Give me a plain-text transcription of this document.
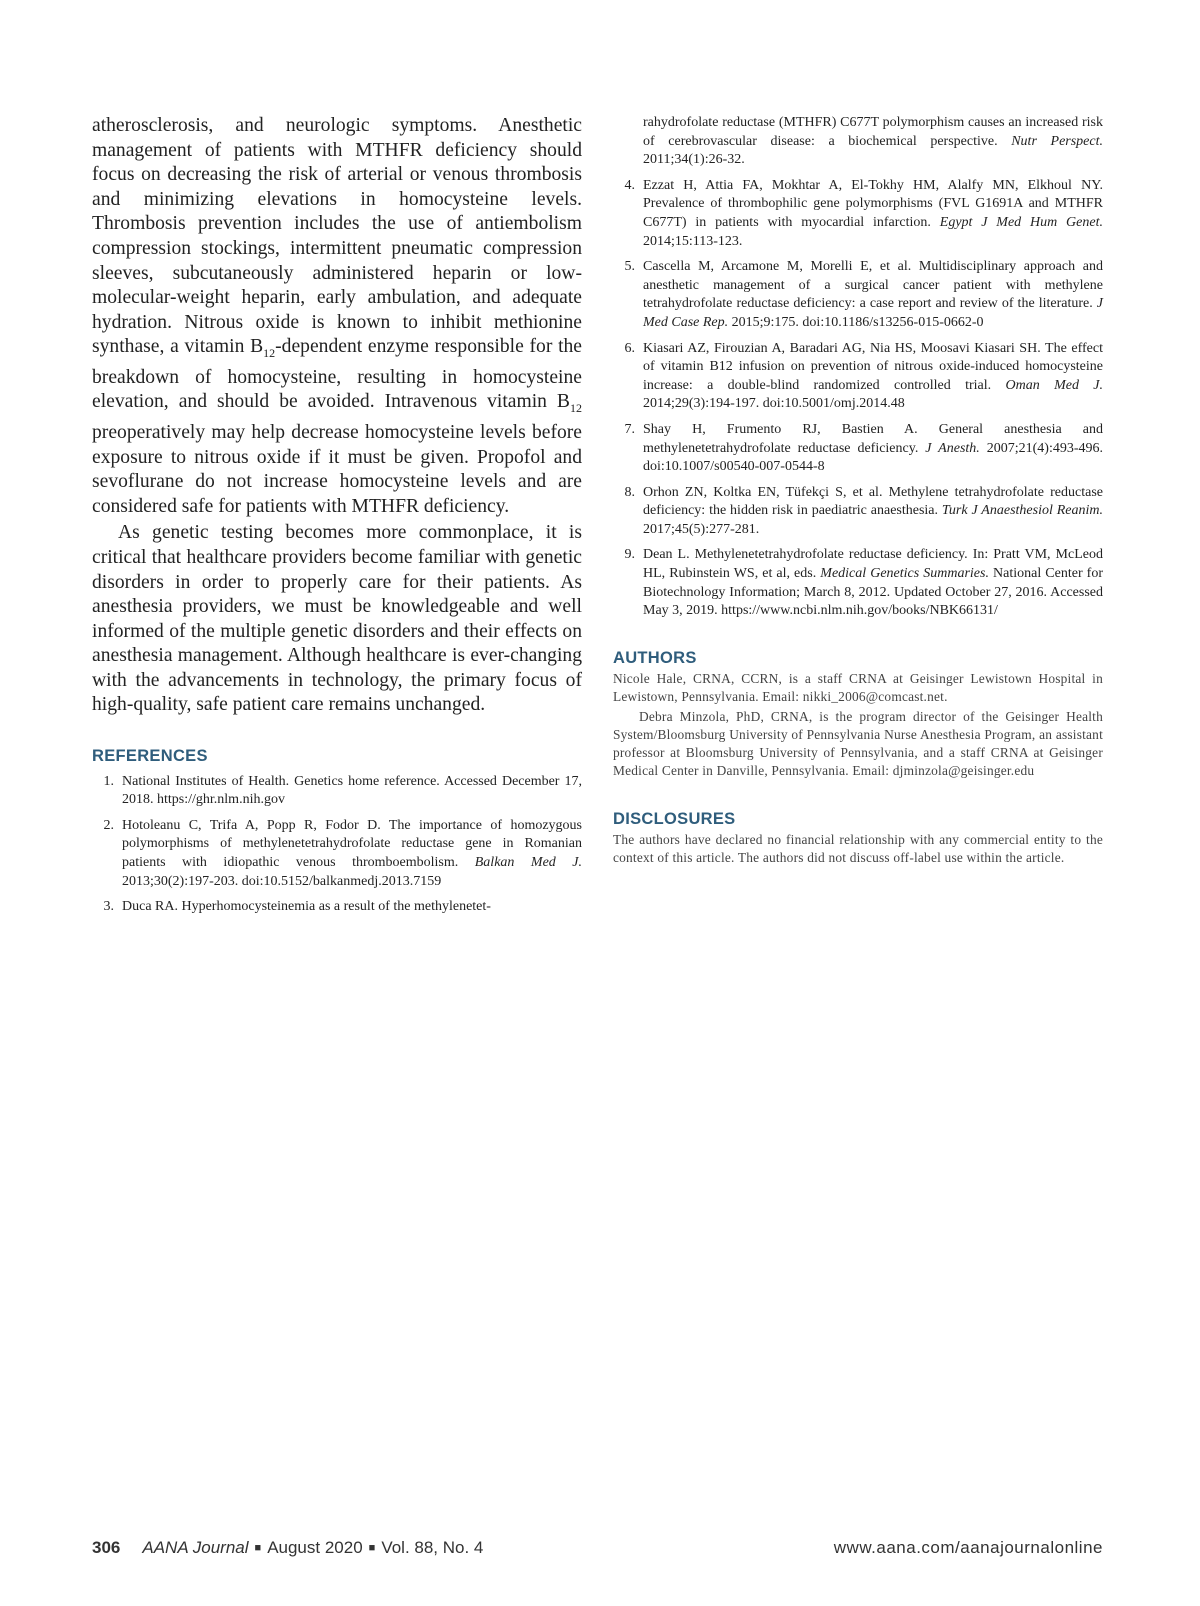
atherosclerosis, and neurologic symptoms. Anesthetic management of patients with MTHFR deficiency should focus on decreasing the risk of arterial or venous thrombosis and minimizing elevations in homocysteine levels. Thrombosis prevention includes the use of antiembolism compression stockings, intermittent pneumatic compression sleeves, subcutaneously administered heparin or low-molecular-weight heparin, early ambulation, and adequate hydration. Nitrous oxide is known to inhibit methionine synthase, a vitamin $B_{12}$-dependent enzyme responsible for the breakdown of homocysteine, resulting in homocysteine elevation, and should be avoided. Intravenous vitamin $B_{12}$ preoperatively may help decrease homocysteine levels before exposure to nitrous oxide if it must be given. Propofol and sevoflurane do not increase homocysteine levels and are considered safe for patients with MTHFR deficiency.

As genetic testing becomes more commonplace, it is critical that healthcare providers become familiar with genetic disorders in order to properly care for their patients. As anesthesia providers, we must be knowledgeable and well informed of the multiple genetic disorders and their effects on anesthesia management. Although healthcare is ever-changing with the advancements in technology, the primary focus of high-quality, safe patient care remains unchanged.

REFERENCES
1. National Institutes of Health. Genetics home reference. Accessed December 17, 2018. https://ghr.nlm.nih.gov
2. Hotoleanu C, Trifa A, Popp R, Fodor D. The importance of homozygous polymorphisms of methylenetetrahydrofolate reductase gene in Romanian patients with idiopathic venous thromboembolism. Balkan Med J. 2013;30(2):197-203. doi:10.5152/balkanmedj.2013.7159
3. Duca RA. Hyperhomocysteinemia as a result of the methylenetet-
rahydrofolate reductase (MTHFR) C677T polymorphism causes an increased risk of cerebrovascular disease: a biochemical perspective. Nutr Perspect. 2011;34(1):26-32.
4. Ezzat H, Attia FA, Mokhtar A, El-Tokhy HM, Alalfy MN, Elkhoul NY. Prevalence of thrombophilic gene polymorphisms (FVL G1691A and MTHFR C677T) in patients with myocardial infarction. Egypt J Med Hum Genet. 2014;15:113-123.
5. Cascella M, Arcamone M, Morelli E, et al. Multidisciplinary approach and anesthetic management of a surgical cancer patient with methylene tetrahydrofolate reductase deficiency: a case report and review of the literature. J Med Case Rep. 2015;9:175. doi:10.1186/s13256-015-0662-0
6. Kiasari AZ, Firouzian A, Baradari AG, Nia HS, Moosavi Kiasari SH. The effect of vitamin B12 infusion on prevention of nitrous oxide-induced homocysteine increase: a double-blind randomized controlled trial. Oman Med J. 2014;29(3):194-197. doi:10.5001/omj.2014.48
7. Shay H, Frumento RJ, Bastien A. General anesthesia and methylenetetrahydrofolate reductase deficiency. J Anesth. 2007;21(4):493-496. doi:10.1007/s00540-007-0544-8
8. Orhon ZN, Koltka EN, Tüfekçi S, et al. Methylene tetrahydrofolate reductase deficiency: the hidden risk in paediatric anaesthesia. Turk J Anaesthesiol Reanim. 2017;45(5):277-281.
9. Dean L. Methylenetetrahydrofolate reductase deficiency. In: Pratt VM, McLeod HL, Rubinstein WS, et al, eds. Medical Genetics Summaries. National Center for Biotechnology Information; March 8, 2012. Updated October 27, 2016. Accessed May 3, 2019. https://www.ncbi.nlm.nih.gov/books/NBK66131/
AUTHORS

Nicole Hale, CRNA, CCRN, is a staff CRNA at Geisinger Lewistown Hospital in Lewistown, Pennsylvania. Email: nikki_2006@comcast.net.

Debra Minzola, PhD, CRNA, is the program director of the Geisinger Health System/Bloomsburg University of Pennsylvania Nurse Anesthesia Program, an assistant professor at Bloomsburg University of Pennsylvania, and a staff CRNA at Geisinger Medical Center in Danville, Pennsylvania. Email: djminzola@geisinger.edu

DISCLOSURES

The authors have declared no financial relationship with any commercial entity to the context of this article. The authors did not discuss off-label use within the article.

306 AANA Journal ■ August 2020 ■ Vol. 88, No. 4	www.aana.com/aanajournalonline
